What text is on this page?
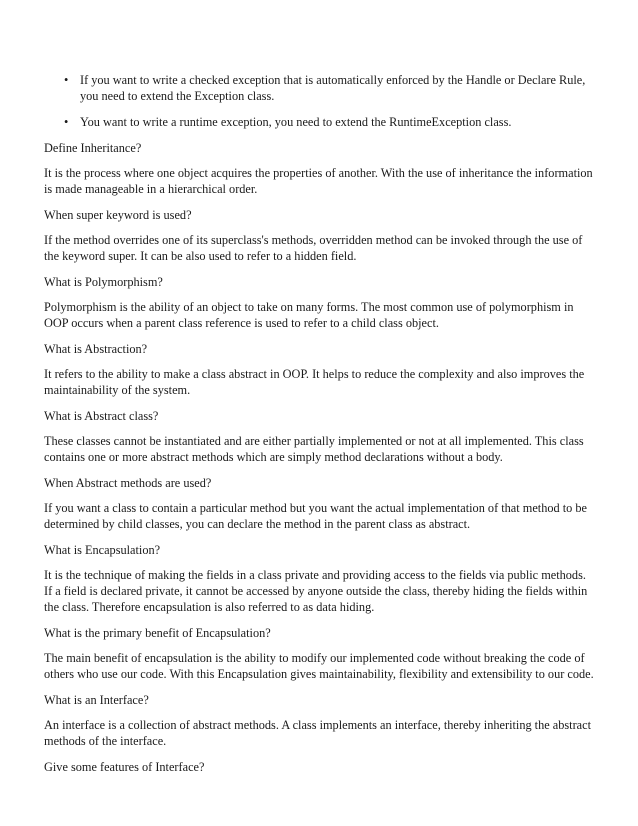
• If you want to write a checked exception that is automatically enforced by the Handle or Declare Rule, you need to extend the Exception class.
• You want to write a runtime exception, you need to extend the RuntimeException class.

Define Inheritance?

It is the process where one object acquires the properties of another. With the use of inheritance the information is made manageable in a hierarchical order.

When super keyword is used?

If the method overrides one of its superclass's methods, overridden method can be invoked through the use of the keyword super. It can be also used to refer to a hidden field.

What is Polymorphism?

Polymorphism is the ability of an object to take on many forms. The most common use of polymorphism in OOP occurs when a parent class reference is used to refer to a child class object.

What is Abstraction?

It refers to the ability to make a class abstract in OOP. It helps to reduce the complexity and also improves the maintainability of the system.

What is Abstract class?

These classes cannot be instantiated and are either partially implemented or not at all implemented. This class contains one or more abstract methods which are simply method declarations without a body.

When Abstract methods are used?

If you want a class to contain a particular method but you want the actual implementation of that method to be determined by child classes, you can declare the method in the parent class as abstract.

What is Encapsulation?

It is the technique of making the fields in a class private and providing access to the fields via public methods. If a field is declared private, it cannot be accessed by anyone outside the class, thereby hiding the fields within the class. Therefore encapsulation is also referred to as data hiding.

What is the primary benefit of Encapsulation?

The main benefit of encapsulation is the ability to modify our implemented code without breaking the code of others who use our code. With this Encapsulation gives maintainability, flexibility and extensibility to our code.

What is an Interface?

An interface is a collection of abstract methods. A class implements an interface, thereby inheriting the abstract methods of the interface.

Give some features of Interface?
